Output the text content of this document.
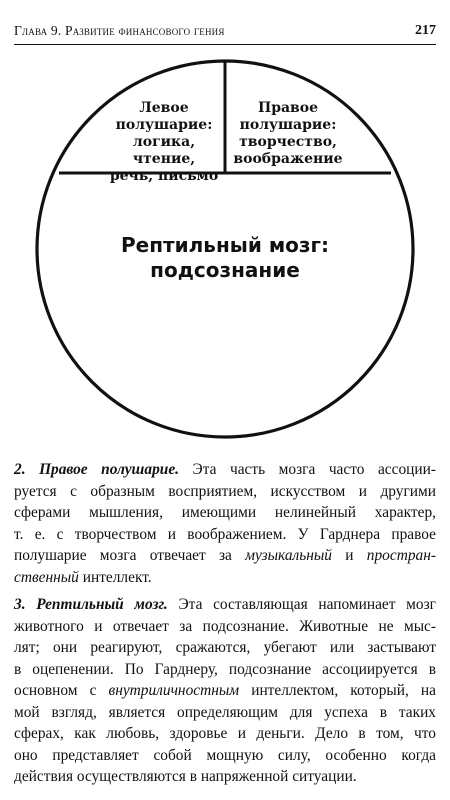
Глава 9. Развитие финансового гения	217
Левое
полушарие:
логика, чтение,
речь, письмо
Правое
полушарие:
творчество,
воображение
Рептильный мозг:
подсознание
2. Правое полушарие. Эта часть мозга часто ассоции-
руется с образным восприятием, искусством и другими
сферами мышления, имеющими нелинейный характер,
т. е. с творчеством и воображением. У Гарднера правое
полушарие мозга отвечает за музыкальный и простран-
ственный интеллект.
3. Рептильный мозг. Эта составляющая напоминает мозг
животного и отвечает за подсознание. Животные не мыс-
лят; они реагируют, сражаются, убегают или застывают
в оцепенении. По Гарднеру, подсознание ассоциируется в
основном с внутриличностным интеллектом, который, на
мой взгляд, является определяющим для успеха в таких
сферах, как любовь, здоровье и деньги. Дело в том, что
оно представляет собой мощную силу, особенно когда
действия осуществляются в напряженной ситуации.
